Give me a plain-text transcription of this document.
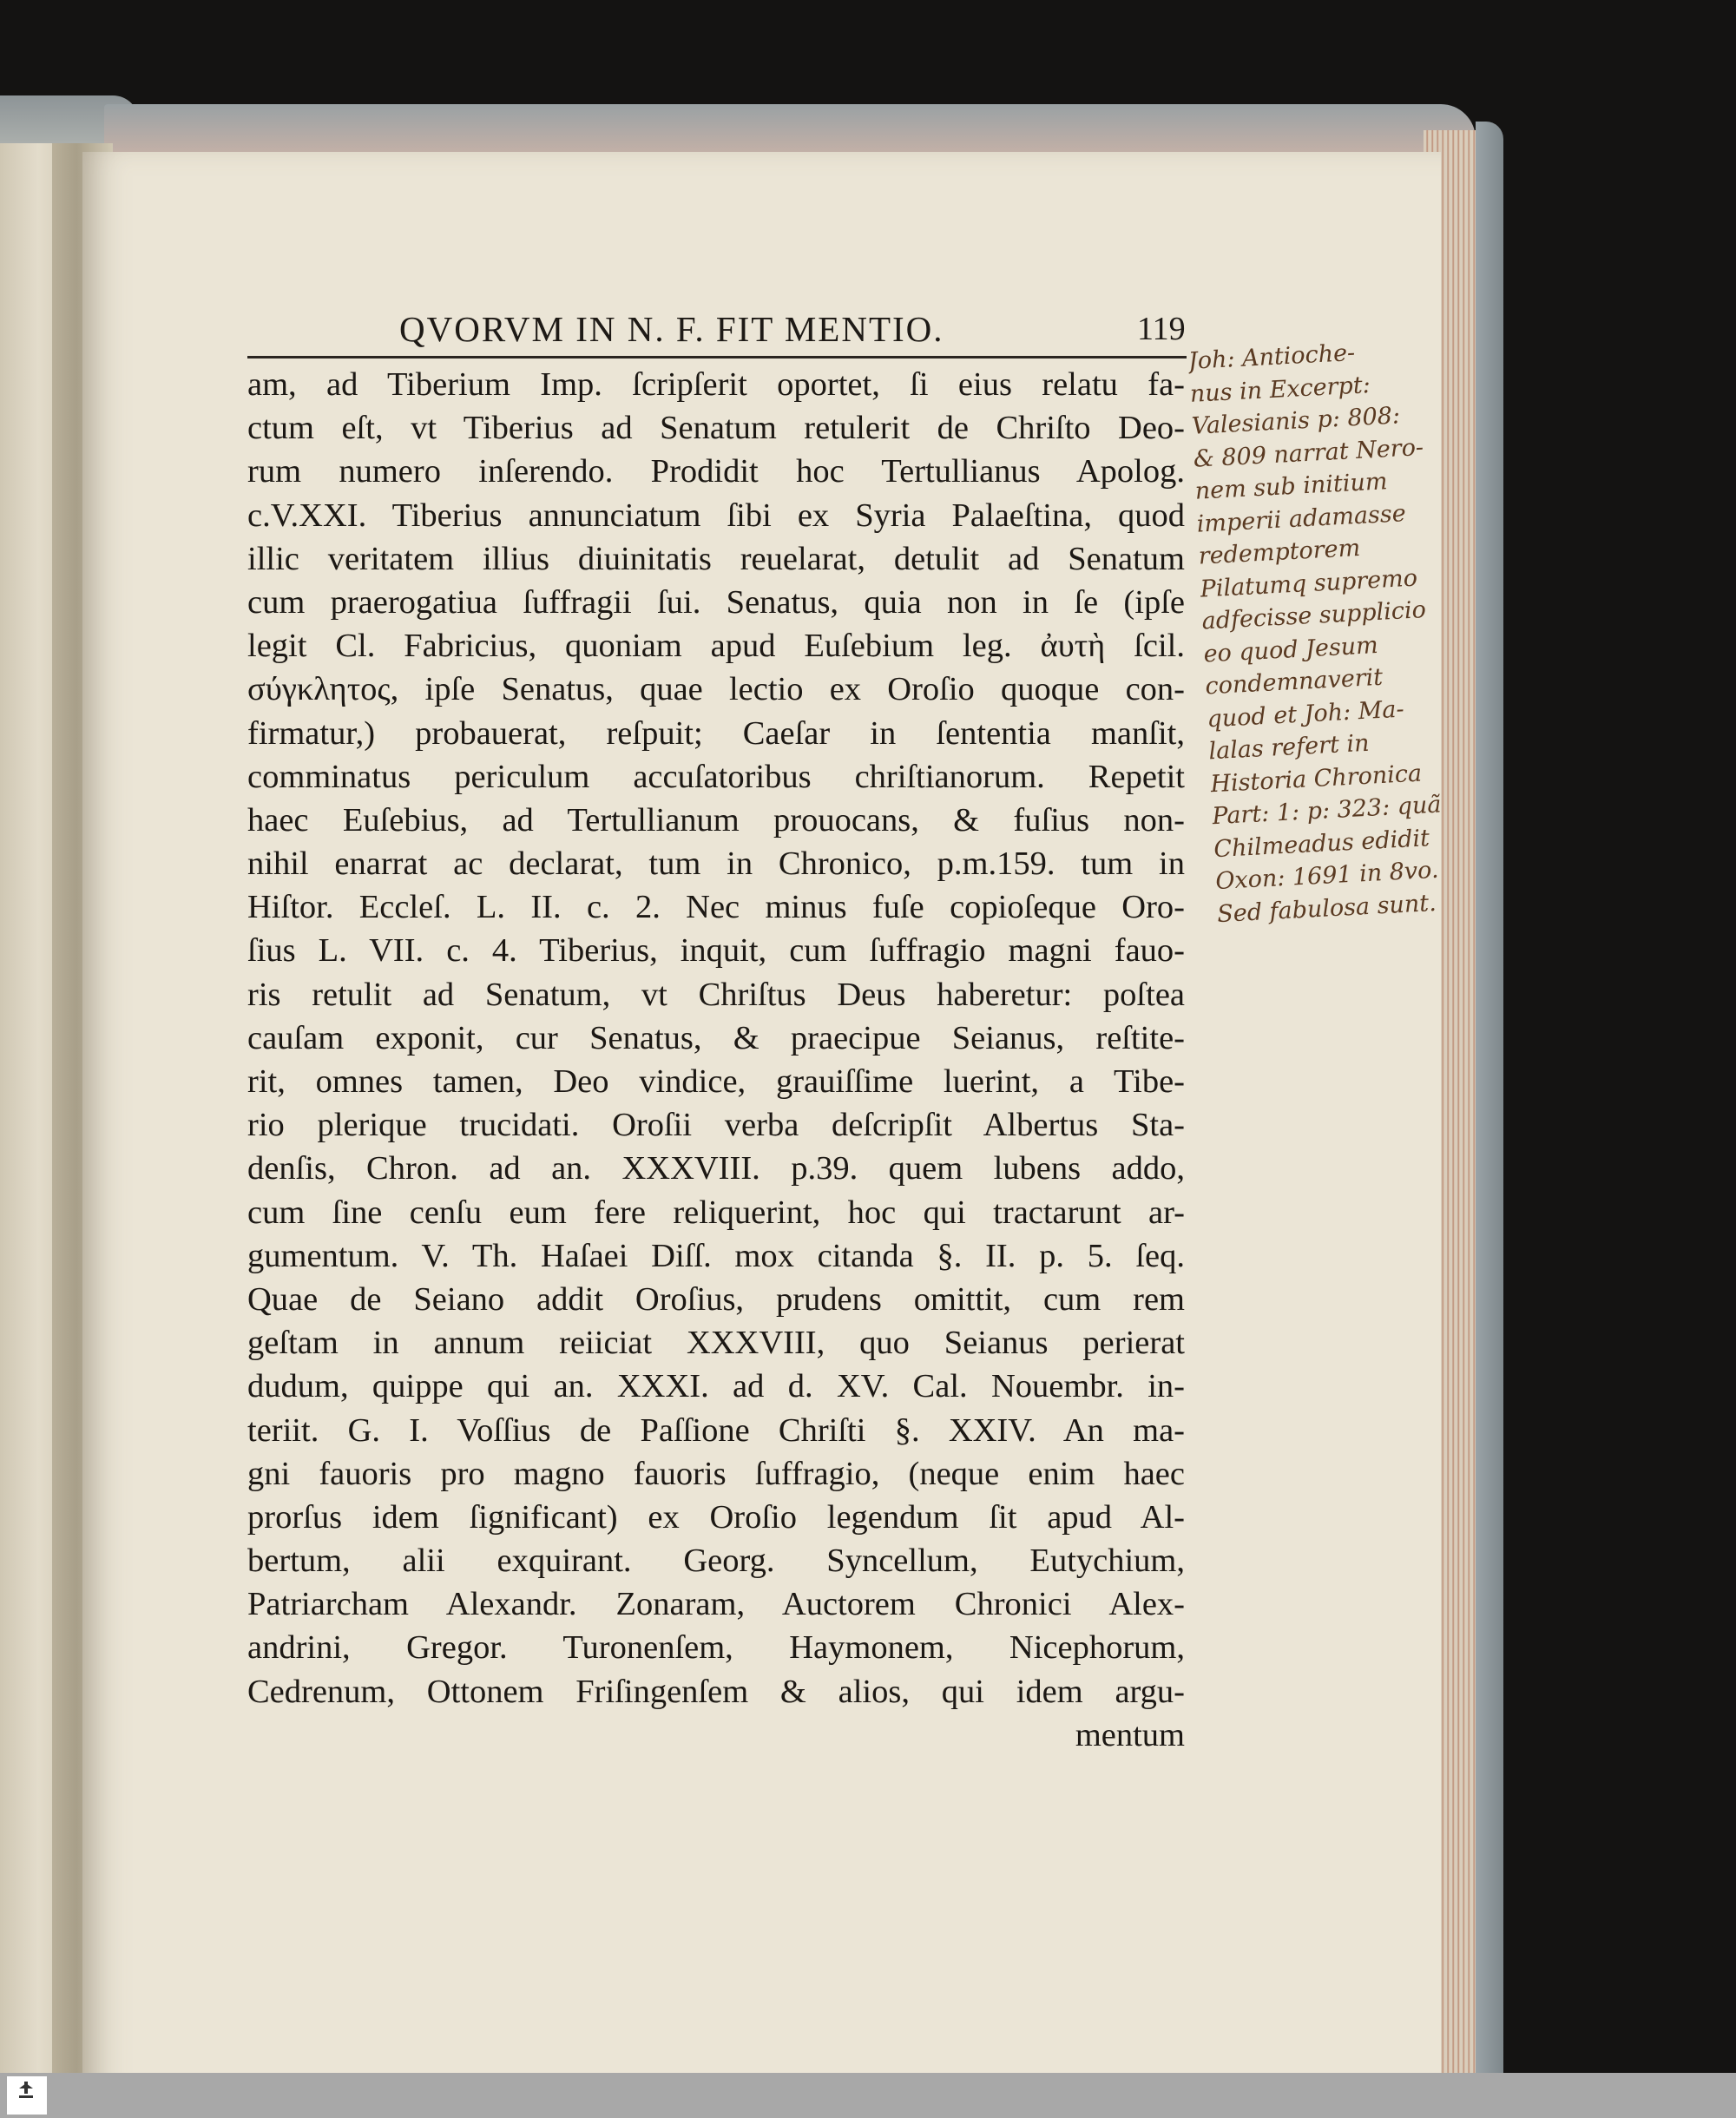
QVORVM IN N. F. FIT MENTIO.	119
am, ad Tiberium Imp. ſcripſerit oportet, ſi eius relatu fa-
ctum eſt, vt Tiberius ad Senatum retulerit de Chriſto Deo-
rum numero inſerendo. Prodidit hoc Tertullianus Apolog.
c.V.XXI. Tiberius annunciatum ſibi ex Syria Palaeſtina, quod
illic veritatem illius diuinitatis reuelarat, detulit ad Senatum
cum praerogatiua ſuffragii ſui. Senatus, quia non in ſe (ipſe
legit Cl. Fabricius, quoniam apud Euſebium leg. ἀυτὴ ſcil.
σύγκλητος, ipſe Senatus, quae lectio ex Oroſio quoque con-
firmatur,) probauerat, reſpuit; Caeſar in ſententia manſit,
comminatus periculum accuſatoribus chriſtianorum. Repetit
haec Euſebius, ad Tertullianum prouocans, & fuſius non-
nihil enarrat ac declarat, tum in Chronico, p.m.159. tum in
Hiſtor. Eccleſ. L. II. c. 2. Nec minus fuſe copioſeque Oro-
ſius L. VII. c. 4. Tiberius, inquit, cum ſuffragio magni fauo-
ris retulit ad Senatum, vt Chriſtus Deus haberetur: poſtea
cauſam exponit, cur Senatus, & praecipue Seianus, reſtite-
rit, omnes tamen, Deo vindice, grauiſſime luerint, a Tibe-
rio plerique trucidati. Oroſii verba deſcripſit Albertus Sta-
denſis, Chron. ad an. XXXVIII. p.39. quem lubens addo,
cum ſine cenſu eum fere reliquerint, hoc qui tractarunt ar-
gumentum. V. Th. Haſaei Diſſ. mox citanda §. II. p. 5. ſeq.
Quae de Seiano addit Oroſius, prudens omittit, cum rem
geſtam in annum reiiciat XXXVIII, quo Seianus perierat
dudum, quippe qui an. XXXI. ad d. XV. Cal. Nouembr. in-
teriit. G. I. Voſſius de Paſſione Chriſti §. XXIV. An ma-
gni fauoris pro magno fauoris ſuffragio, (neque enim haec
prorſus idem ſignificant) ex Oroſio legendum ſit apud Al-
bertum, alii exquirant. Georg. Syncellum, Eutychium,
Patriarcham Alexandr. Zonaram, Auctorem Chronici Alex-
andrini, Gregor. Turonenſem, Haymonem, Nicephorum,
Cedrenum, Ottonem Friſingenſem & alios, qui idem argu-
mentum
Joh: Antioche-
nus in Excerpt:
Valesianis p: 808:
& 809 narrat Nero-
nem sub initium
imperii adamasse
redemptorem
Pilatumq supremo
adfecisse supplicio
eo quod Jesum
condemnaverit
quod et Joh: Ma-
lalas refert in
Historia Chronica
Part: 1: p: 323: quã
Chilmeadus edidit
Oxon: 1691 in 8vo.
Sed fabulosa sunt.
